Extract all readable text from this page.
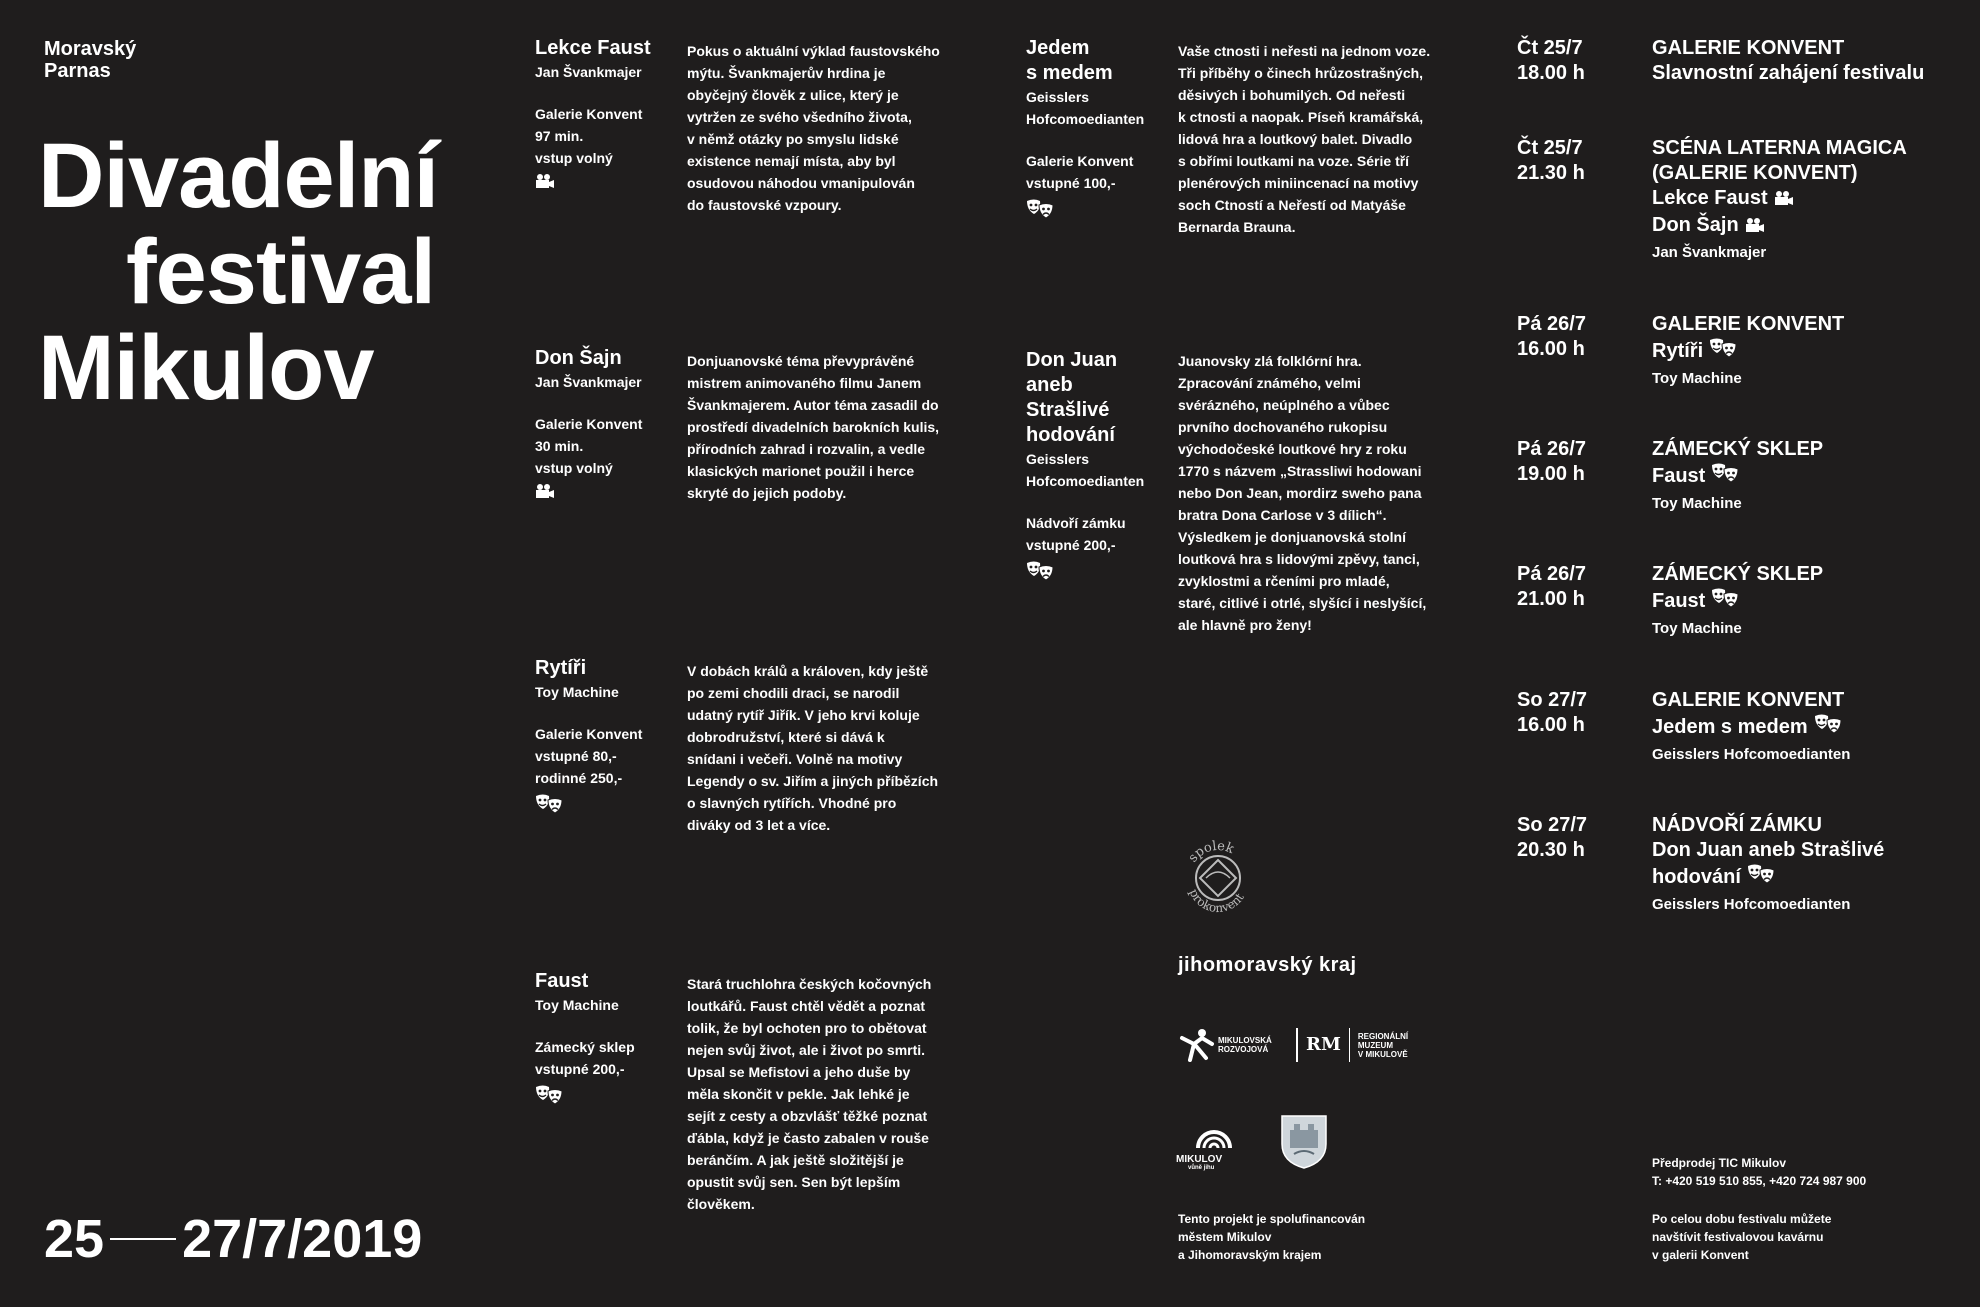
Moravský
Parnas
Divadelní
festival
Mikulov
25 27/7/2019
Lekce Faust
Jan Švankmajer
Galerie Konvent
97 min.
vstup volný
Pokus o aktuální výklad faustovského
mýtu. Švankmajerův hrdina je
obyčejný člověk z ulice, který je
vytržen ze svého všedního života,
v němž otázky po smyslu lidské
existence nemají místa, aby byl
osudovou náhodou vmanipulován
do faustovské vzpoury.
Don Šajn
Jan Švankmajer
Galerie Konvent
30 min.
vstup volný
Donjuanovské téma převyprávěné
mistrem animovaného filmu Janem
Švankmajerem. Autor téma zasadil do
prostředí divadelních barokních kulis,
přírodních zahrad i rozvalin, a vedle
klasických marionet použil i herce
skryté do jejich podoby.
Rytíři
Toy Machine
Galerie Konvent
vstupné 80,-
rodinné 250,-
V dobách králů a královen, kdy ještě
po zemi chodili draci, se narodil
udatný rytíř Jiřík. V jeho krvi koluje
dobrodružství, které si dává k
snídani i večeři. Volně na motivy
Legendy o sv. Jiřím a jiných příbězích
o slavných rytířích. Vhodné pro
diváky od 3 let a více.
Faust
Toy Machine
Zámecký sklep
vstupné 200,-
Stará truchlohra českých kočovných
loutkářů. Faust chtěl vědět a poznat
tolik, že byl ochoten pro to obětovat
nejen svůj život, ale i život po smrti.
Upsal se Mefistovi a jeho duše by
měla skončit v pekle. Jak lehké je
sejít z cesty a obzvlášť těžké poznat
ďábla, když je často zabalen v rouše
beránčím. A jak ještě složitější je
opustit svůj sen. Sen být lepším
člověkem.
Jedem
s medem
Geisslers
Hofcomoedianten
Galerie Konvent
vstupné 100,-
Vaše ctnosti i neřesti na jednom voze.
Tři příběhy o činech hrůzostrašných,
děsivých i bohumilých. Od neřesti
k ctnosti a naopak. Píseň kramářská,
lidová hra a loutkový balet. Divadlo
s obřími loutkami na voze. Série tří
plenérových miniincenací na motivy
soch Ctností a Neřestí od Matyáše
Bernarda Brauna.
Don Juan
aneb
Strašlivé
hodování
Geisslers
Hofcomoedianten
Nádvoří zámku
vstupné 200,-
Juanovsky zlá folklórní hra.
Zpracování známého, velmi
svérázného, neúplného a vůbec
prvního dochovaného rukopisu
východočeské loutkové hry z roku
1770 s názvem „Strassliwi hodowani
nebo Don Jean, mordirz sweho pana
bratra Dona Carlose v 3 dílich“.
Výsledkem je donjuanovská stolní
loutková hra s lidovými zpěvy, tanci,
zvyklostmi a rčeními pro mladé,
staré, citlivé i otrlé, slyšící i neslyšící,
ale hlavně pro ženy!
Čt 25/7
18.00 h
GALERIE KONVENT
Slavnostní zahájení festivalu
Čt 25/7
21.30 h
SCÉNA LATERNA MAGICA
(GALERIE KONVENT)
Lekce Faust
Don Šajn
Jan Švankmajer
Pá 26/7
16.00 h
GALERIE KONVENT
Rytíři
Toy Machine
Pá 26/7
19.00 h
ZÁMECKÝ SKLEP
Faust
Toy Machine
Pá 26/7
21.00 h
ZÁMECKÝ SKLEP
Faust
Toy Machine
So 27/7
16.00 h
GALERIE KONVENT
Jedem s medem
Geisslers Hofcomoedianten
So 27/7
20.30 h
NÁDVOŘÍ ZÁMKU
Don Juan aneb Strašlivé
hodování
Geisslers Hofcomoedianten
spolek
prokonvent
jihomoravský kraj
MIKULOVSKÁ
ROZVOJOVÁ RM REGIONÁLNÍ
MUZEUM
V MIKULOVĚ
MIKULOV
vůně jihu
Tento projekt je spolufinancován
městem Mikulov
a Jihomoravským krajem
Předprodej TIC Mikulov
T: +420 519 510 855, +420 724 987 900
Po celou dobu festivalu můžete
navštívit festivalovou kavárnu
v galerii Konvent
